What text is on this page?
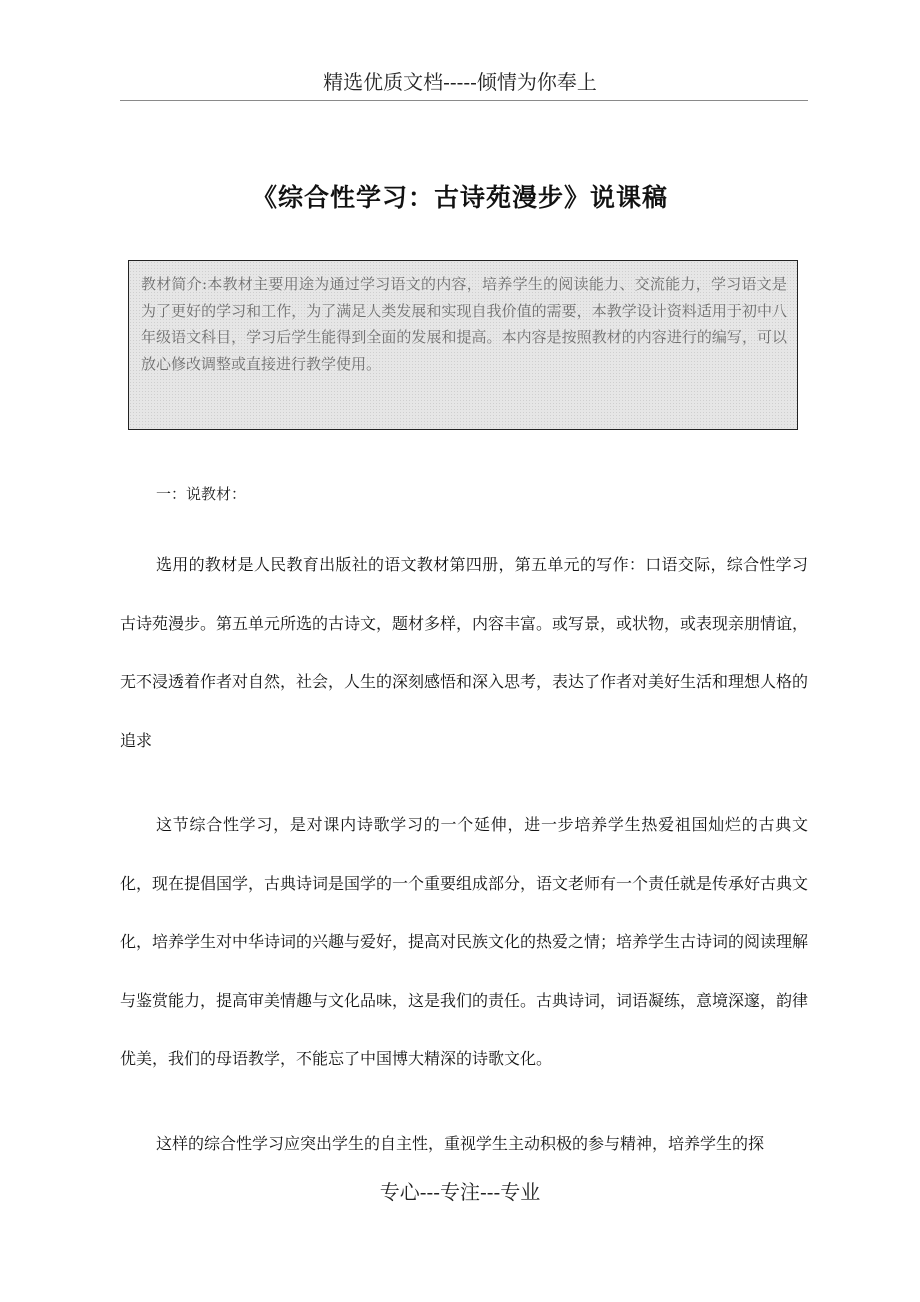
精选优质文档-----倾情为你奉上
《综合性学习：古诗苑漫步》说课稿

教材简介:本教材主要用途为通过学习语文的内容，培养学生的阅读能力、交流能力，学习语文是为了更好的学习和工作，为了满足人类发展和实现自我价值的需要，本教学设计资料适用于初中八年级语文科目，学习后学生能得到全面的发展和提高。本内容是按照教材的内容进行的编写，可以放心修改调整或直接进行教学使用。

一：说教材：

选用的教材是人民教育出版社的语文教材第四册，第五单元的写作：口语交际，综合性学习古诗苑漫步。第五单元所选的古诗文，题材多样，内容丰富。或写景，或状物，或表现亲朋情谊，无不浸透着作者对自然，社会，人生的深刻感悟和深入思考，表达了作者对美好生活和理想人格的追求

这节综合性学习，是对课内诗歌学习的一个延伸，进一步培养学生热爱祖国灿烂的古典文化，现在提倡国学，古典诗词是国学的一个重要组成部分，语文老师有一个责任就是传承好古典文化，培养学生对中华诗词的兴趣与爱好，提高对民族文化的热爱之情；培养学生古诗词的阅读理解与鉴赏能力，提高审美情趣与文化品味，这是我们的责任。古典诗词，词语凝练，意境深邃，韵律优美，我们的母语教学，不能忘了中国博大精深的诗歌文化。

这样的综合性学习应突出学生的自主性，重视学生主动积极的参与精神，培养学生的探

专心---专注---专业
